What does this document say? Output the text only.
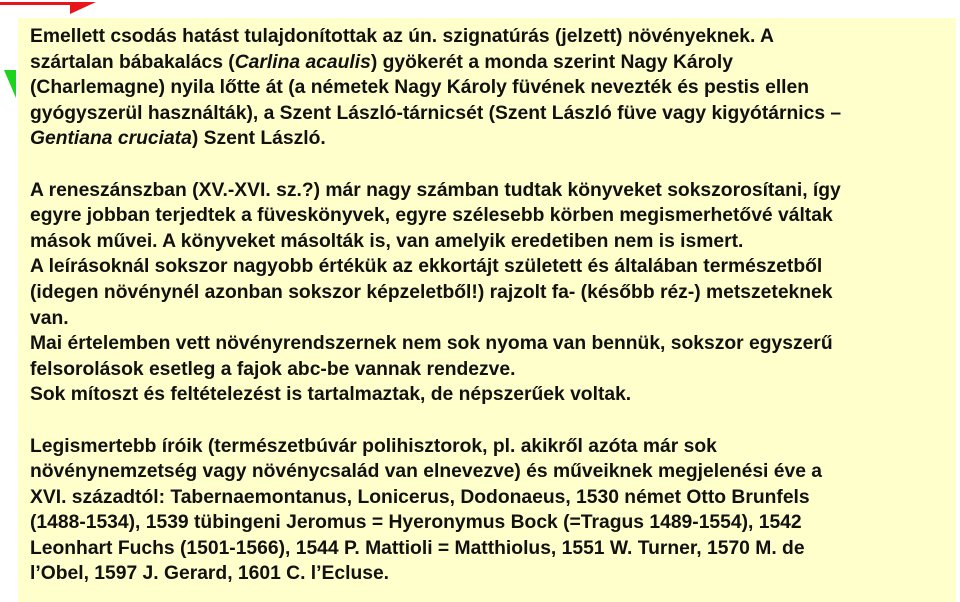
Emellett csodás hatást tulajdonítottak az ún. szignatúrás (jelzett) növényeknek. A
szártalan bábakalács (Carlina acaulis) gyökerét a monda szerint Nagy Károly
(Charlemagne) nyila lőtte át (a németek Nagy Károly füvének nevezték és pestis ellen
gyógyszerül használták), a Szent László-tárnicsét (Szent László füve vagy kigyótárnics –
Gentiana cruciata) Szent László.
A reneszánszban (XV.-XVI. sz.?) már nagy számban tudtak könyveket sokszorosítani, így
egyre jobban terjedtek a füveskönyvek, egyre szélesebb körben megismerhetővé váltak
mások művei. A könyveket másolták is, van amelyik eredetiben nem is ismert.
A leírásoknál sokszor nagyobb értékük az ekkortájt született és általában természetből
(idegen növénynél azonban sokszor képzeletből!) rajzolt fa- (később réz-) metszeteknek
van.
Mai értelemben vett növényrendszernek nem sok nyoma van bennük, sokszor egyszerű
felsorolások esetleg a fajok abc-be vannak rendezve.
Sok mítoszt és feltételezést is tartalmaztak, de népszerűek voltak.
Legismertebb íróik (természetbúvár polihisztorok, pl. akikről azóta már sok
növénynemzetség vagy növénycsalád van elnevezve) és műveiknek megjelenési éve a
XVI. századtól: Tabernaemontanus, Lonicerus, Dodonaeus, 1530 német Otto Brunfels
(1488-1534), 1539 tübingeni Jeromus = Hyeronymus Bock (=Tragus 1489-1554), 1542
Leonhart Fuchs (1501-1566), 1544 P. Mattioli = Matthiolus, 1551 W. Turner, 1570 M. de
l’Obel, 1597 J. Gerard, 1601 C. l’Ecluse.
